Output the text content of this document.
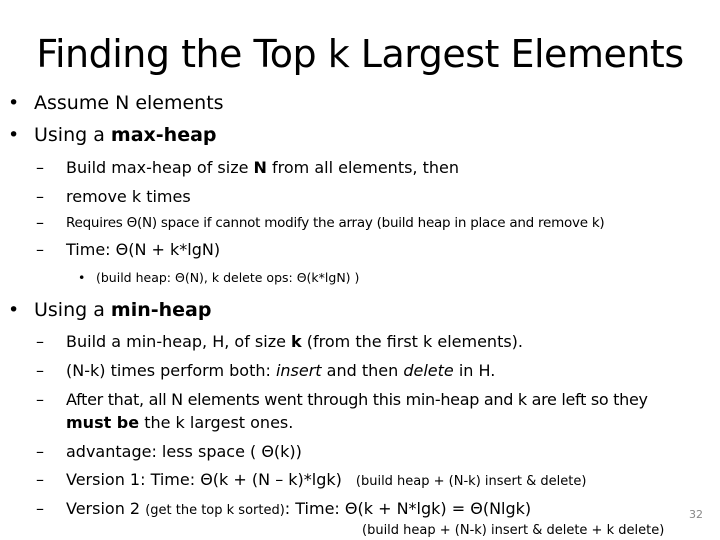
Finding the Top k Largest Elements
• Assume N elements
• Using a max-heap
– Build max-heap of size N from all elements, then
– remove k times
– Requires Θ(N) space if cannot modify the array (build heap in place and remove k)
– Time: Θ(N + k*lgN)
• (build heap: Θ(N), k delete ops: Θ(k*lgN) )
• Using a min-heap
– Build a min-heap, H, of size k (from the first k elements).
– (N-k) times perform both: insert and then delete in H.
– After that, all N elements went through this min-heap and k are left so they
must be the k largest ones.
– advantage: less space ( Θ(k))
– Version 1: Time: Θ(k + (N – k)*lgk) (build heap + (N-k) insert & delete)
– Version 2 (get the top k sorted): Time: Θ(k + N*lgk) = Θ(Nlgk)
(build heap + (N-k) insert & delete + k delete)
32
